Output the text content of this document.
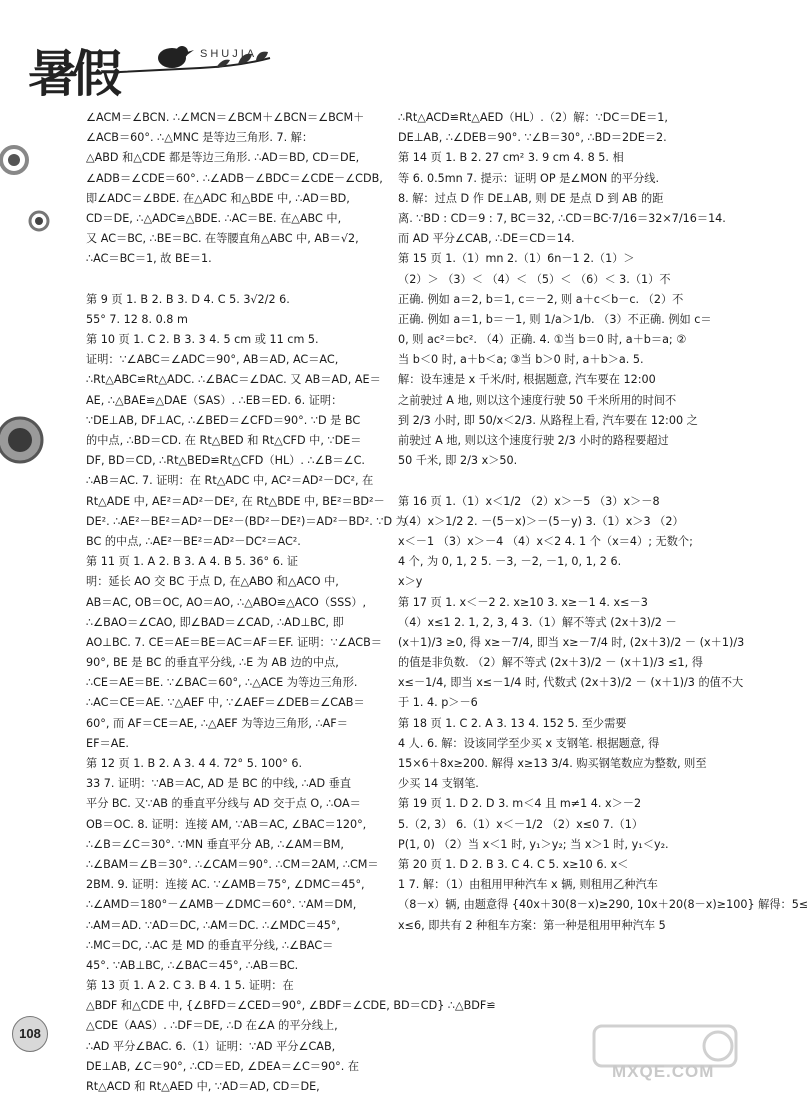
暑假	SHUJIA
∠ACM＝∠BCN. ∴∠MCN＝∠BCM＋∠BCN＝∠BCM＋
∠ACB＝60°. ∴△MNC 是等边三角形. 7. 解：
△ABD 和△CDE 都是等边三角形. ∴AD＝BD, CD＝DE,
∠ADB＝∠CDE＝60°. ∴∠ADB－∠BDC＝∠CDE－∠CDB,
即∠ADC＝∠BDE. 在△ADC 和△BDE 中, ∴AD＝BD,
CD＝DE, ∴△ADC≌△BDE. ∴AC＝BE. 在△ABC 中,
又 AC＝BC, ∴BE＝BC. 在等腰直角△ABC 中, AB＝√2,
∴AC＝BC＝1, 故 BE＝1.
第 9 页 1. B 2. B 3. D 4. C 5. 3√2/2 6.
55° 7. 12 8. 0.8 m
第 10 页 1. C 2. B 3. 3 4. 5 cm 或 11 cm 5.
证明：∵∠ABC＝∠ADC＝90°, AB＝AD, AC＝AC,
∴Rt△ABC≌Rt△ADC. ∴∠BAC＝∠DAC. 又 AB＝AD, AE＝
AE, ∴△BAE≌△DAE（SAS）. ∴EB＝ED. 6. 证明：
∵DE⊥AB, DF⊥AC, ∴∠BED＝∠CFD＝90°. ∵D 是 BC
的中点, ∴BD＝CD. 在 Rt△BED 和 Rt△CFD 中, ∵DE＝
DF, BD＝CD, ∴Rt△BED≌Rt△CFD（HL）. ∴∠B＝∠C.
∴AB＝AC. 7. 证明：在 Rt△ADC 中, AC²＝AD²－DC², 在
Rt△ADE 中, AE²＝AD²－DE², 在 Rt△BDE 中, BE²＝BD²－
DE². ∴AE²－BE²＝AD²－DE²－(BD²－DE²)＝AD²－BD². ∵D 为
BC 的中点, ∴AE²－BE²＝AD²－DC²＝AC².
第 11 页 1. A 2. B 3. A 4. B 5. 36° 6. 证
明：延长 AO 交 BC 于点 D, 在△ABO 和△ACO 中,
AB＝AC, OB＝OC, AO＝AO, ∴△ABO≌△ACO（SSS）,
∴∠BAO＝∠CAO, 即∠BAD＝∠CAD, ∴AD⊥BC, 即
AO⊥BC. 7. CE＝AE＝BE＝AC＝AF＝EF. 证明：∵∠ACB＝
90°, BE 是 BC 的垂直平分线, ∴E 为 AB 边的中点,
∴CE＝AE＝BE. ∵∠BAC＝60°, ∴△ACE 为等边三角形.
∴AC＝CE＝AE. ∵△AEF 中, ∵∠AEF＝∠DEB＝∠CAB＝
60°, 而 AF＝CE＝AE, ∴△AEF 为等边三角形, ∴AF＝
EF＝AE.
第 12 页 1. B 2. A 3. 4 4. 72° 5. 100° 6.
33 7. 证明：∵AB＝AC, AD 是 BC 的中线, ∴AD 垂直
平分 BC. 又∵AB 的垂直平分线与 AD 交于点 O, ∴OA＝
OB＝OC. 8. 证明：连接 AM, ∵AB＝AC, ∠BAC＝120°,
∴∠B＝∠C＝30°. ∵MN 垂直平分 AB, ∴∠AM＝BM,
∴∠BAM＝∠B＝30°. ∴∠CAM＝90°. ∴CM＝2AM, ∴CM＝
2BM. 9. 证明：连接 AC. ∵∠AMB＝75°, ∠DMC＝45°,
∴∠AMD＝180°－∠AMB－∠DMC＝60°. ∵AM＝DM,
∴AM＝AD. ∵AD＝DC, ∴AM＝DC. ∴∠MDC＝45°,
∴MC＝DC, ∴AC 是 MD 的垂直平分线, ∴∠BAC＝
45°. ∵AB⊥BC, ∴∠BAC＝45°, ∴AB＝BC.
第 13 页 1. A 2. C 3. B 4. 1 5. 证明：在
△BDF 和△CDE 中, {∠BFD＝∠CED＝90°, ∠BDF＝∠CDE, BD＝CD} ∴△BDF≌
△CDE（AAS）. ∴DF＝DE, ∴D 在∠A 的平分线上,
∴AD 平分∠BAC. 6.（1）证明：∵AD 平分∠CAB,
DE⊥AB, ∠C＝90°, ∴CD＝ED, ∠DEA＝∠C＝90°. 在
Rt△ACD 和 Rt△AED 中, ∵AD＝AD, CD＝DE,
∴Rt△ACD≌Rt△AED（HL）.（2）解：∵DC＝DE＝1,
DE⊥AB, ∴∠DEB＝90°. ∵∠B＝30°, ∴BD＝2DE＝2.
第 14 页 1. B 2. 27 cm² 3. 9 cm 4. 8 5. 相
等 6. 0.5mn 7. 提示：证明 OP 是∠MON 的平分线.
8. 解：过点 D 作 DE⊥AB, 则 DE 是点 D 到 AB 的距
离. ∵BD : CD＝9 : 7, BC＝32, ∴CD＝BC·7/16＝32×7/16＝14.
而 AD 平分∠CAB, ∴DE＝CD＝14.
第 15 页 1.（1）mn 2.（1）6n－1 2.（1）＞
（2）＞ （3）＜ （4）＜ （5）＜ （6）＜ 3.（1）不
正确. 例如 a＝2, b＝1, c＝－2, 则 a＋c＜b－c. （2）不
正确. 例如 a＝1, b＝－1, 则 1/a＞1/b. （3）不正确. 例如 c＝
0, 则 ac²＝bc². （4）正确. 4. ①当 b＝0 时, a＋b＝a; ②
当 b＜0 时, a＋b＜a; ③当 b＞0 时, a＋b＞a. 5.
解：设车速是 x 千米/时, 根据题意, 汽车要在 12:00
之前驶过 A 地, 则以这个速度行驶 50 千米所用的时间不
到 2/3 小时, 即 50/x＜2/3. 从路程上看, 汽车要在 12:00 之
前驶过 A 地, 则以这个速度行驶 2/3 小时的路程要超过
50 千米, 即 2/3 x＞50.
第 16 页 1.（1）x＜1/2 （2）x＞－5 （3）x＞－8
（4）x＞1/2 2. －(5－x)＞－(5－y) 3.（1）x＞3 （2）
x＜－1 （3）x＞－4 （4）x＜2 4. 1 个（x＝4）; 无数个;
4 个, 为 0, 1, 2 5. －3, －2, －1, 0, 1, 2 6.
x＞y
第 17 页 1. x＜－2 2. x≥10 3. x≥－1 4. x≤－3
（4）x≤1 2. 1, 2, 3, 4 3.（1）解不等式 (2x＋3)/2 －
(x＋1)/3 ≥0, 得 x≥－7/4, 即当 x≥－7/4 时, (2x＋3)/2 － (x＋1)/3
的值是非负数. （2）解不等式 (2x＋3)/2 － (x＋1)/3 ≤1, 得
x≤－1/4, 即当 x≤－1/4 时, 代数式 (2x＋3)/2 － (x＋1)/3 的值不大
于 1. 4. p＞－6
第 18 页 1. C 2. A 3. 13 4. 152 5. 至少需要
4 人. 6. 解：设该同学至少买 x 支钢笔. 根据题意, 得
15×6＋8x≥200. 解得 x≥13 3/4. 购买钢笔数应为整数, 则至
少买 14 支钢笔.
第 19 页 1. D 2. D 3. m＜4 且 m≠1 4. x＞－2
5.（2, 3） 6.（1）x＜－1/2 （2）x≤0 7.（1）
P(1, 0) （2）当 x＜1 时, y₁＞y₂; 当 x＞1 时, y₁＜y₂.
第 20 页 1. D 2. B 3. C 4. C 5. x≥10 6. x＜
1 7. 解：（1）由租用甲种汽车 x 辆, 则租用乙种汽车
（8－x）辆, 由题意得 {40x＋30(8－x)≥290, 10x＋20(8－x)≥100} 解得：5≤
x≤6, 即共有 2 种租车方案：第一种是租用甲种汽车 5
108
MXQE.COM
